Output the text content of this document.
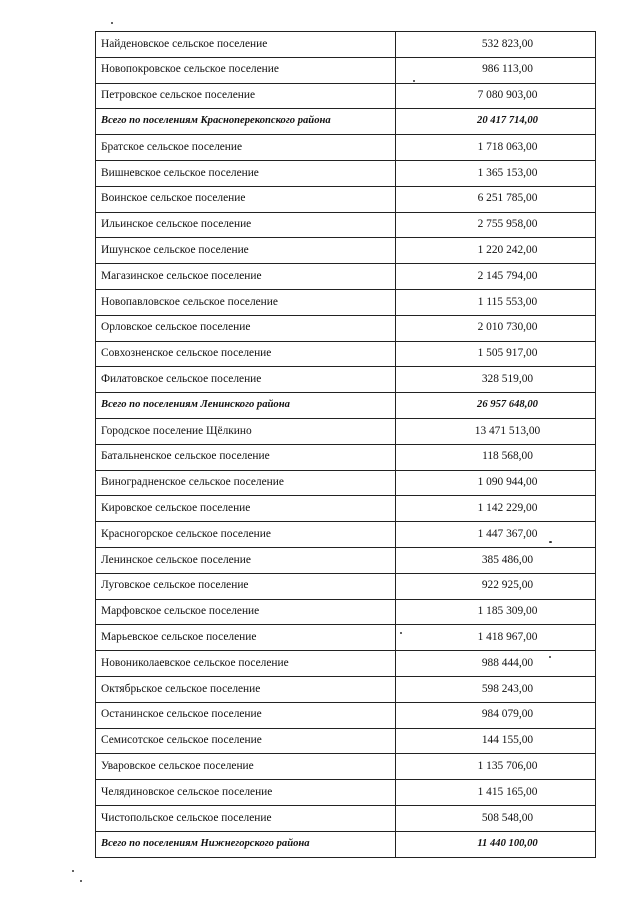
Найденовское сельское поселение	532 823,00
Новопокровское сельское поселение	986 113,00
Петровское сельское поселение	7 080 903,00
Всего по поселениям Красноперекопского района	20 417 714,00
Братское сельское поселение	1 718 063,00
Вишневское сельское поселение	1 365 153,00
Воинское сельское поселение	6 251 785,00
Ильинское сельское поселение	2 755 958,00
Ишунское сельское поселение	1 220 242,00
Магазинское сельское поселение	2 145 794,00
Новопавловское сельское поселение	1 115 553,00
Орловское сельское поселение	2 010 730,00
Совхозненское сельское поселение	1 505 917,00
Филатовское сельское поселение	328 519,00
Всего по поселениям Ленинского района	26 957 648,00
Городское поселение Щёлкино	13 471 513,00
Батальненское сельское поселение	118 568,00
Виноградненское сельское поселение	1 090 944,00
Кировское сельское поселение	1 142 229,00
Красногорское сельское поселение	1 447 367,00
Ленинское сельское поселение	385 486,00
Луговское сельское поселение	922 925,00
Марфовское сельское поселение	1 185 309,00
Марьевское сельское поселение	1 418 967,00
Новониколаевское сельское поселение	988 444,00
Октябрьское сельское поселение	598 243,00
Останинское сельское поселение	984 079,00
Семисотское сельское поселение	144 155,00
Уваровское сельское поселение	1 135 706,00
Челядиновское сельское поселение	1 415 165,00
Чистопольское сельское поселение	508 548,00
Всего по поселениям Нижнегорского района	11 440 100,00
